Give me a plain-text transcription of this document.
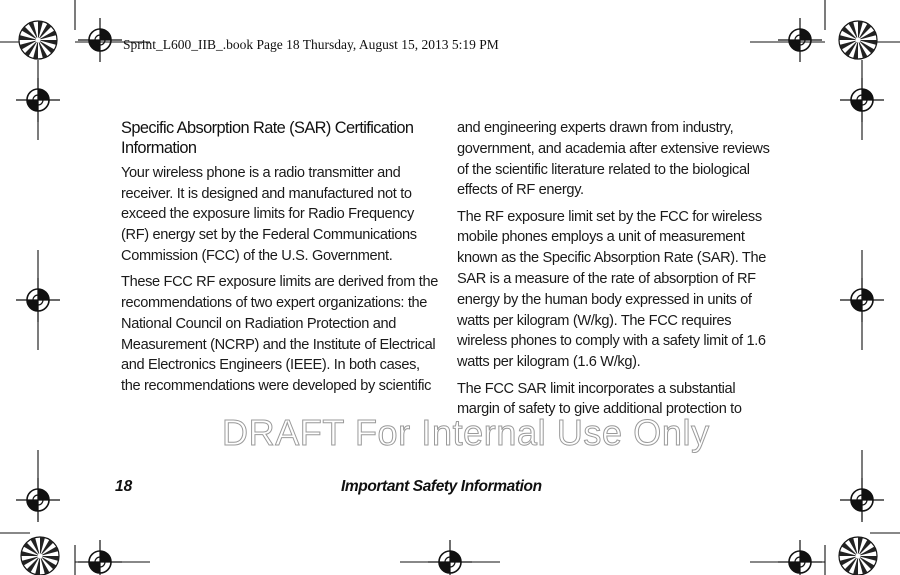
Sprint_L600_IIB_.book Page 18 Thursday, August 15, 2013 5:19 PM
Specific Absorption Rate (SAR) Certification Information

Your wireless phone is a radio transmitter and receiver. It is designed and manufactured not to exceed the exposure limits for Radio Frequency (RF) energy set by the Federal Communications Commission (FCC) of the U.S. Government.

These FCC RF exposure limits are derived from the recommendations of two expert organizations: the National Council on Radiation Protection and Measurement (NCRP) and the Institute of Electrical and Electronics Engineers (IEEE). In both cases, the recommendations were developed by scientific

and engineering experts drawn from industry, government, and academia after extensive reviews of the scientific literature related to the biological effects of RF energy.

The RF exposure limit set by the FCC for wireless mobile phones employs a unit of measurement known as the Specific Absorption Rate (SAR). The SAR is a measure of the rate of absorption of RF energy by the human body expressed in units of watts per kilogram (W/kg). The FCC requires wireless phones to comply with a safety limit of 1.6 watts per kilogram (1.6 W/kg).

The FCC SAR limit incorporates a substantial margin of safety to give additional protection to

DRAFT For Internal Use Only
18	Important Safety Information
